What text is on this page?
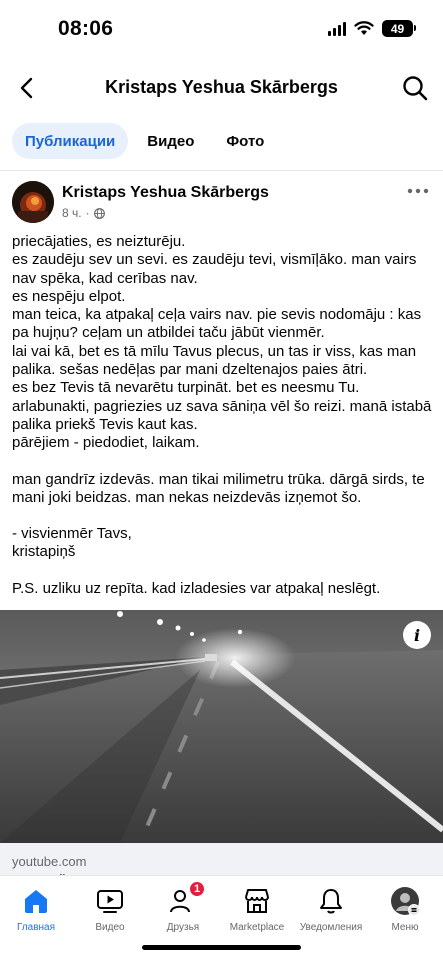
08:06	49
Kristaps Yeshua Skārbergs
Публикации	Видео	Фото
Kristaps Yeshua Skārbergs
8 ч. ·

priecājaties, es neizturēju.

es zaudēju sev un sevi. es zaudēju tevi, vismīļāko. man vairs nav spēka, kad cerības nav.

es nespēju elpot.

man teica, ka atpakaļ ceļa vairs nav. pie sevis nodomāju : kas pa hujņu? ceļam un atbildei taču jābūt vienmēr.

lai vai kā, bet es tā mīlu Tavus plecus, un tas ir viss, kas man palika. sešas nedēļas par mani dzeltenajos paies ātri.

es bez Tevis tā nevarētu turpināt. bet es neesmu Tu.

arlabunakti, pagriezies uz sava sāniņa vēl šo reizi. manā istabā palika priekš Tevis kaut kas.

pārējiem - piedodiet, laikam.

man gandrīz izdevās. man tikai milimetru trūka. dārgā sirds, te mani joki beidzas. man nekas neizdevās izņemot šo.

- visvienmēr Tavs,

kristapiņš

P.S. uzliku uz repīta. kad izladesies var atpakaļ neslēgt.

i
youtube.com
Главная	Видео
1
Друзья	Marketplace	Уведомления	Меню
